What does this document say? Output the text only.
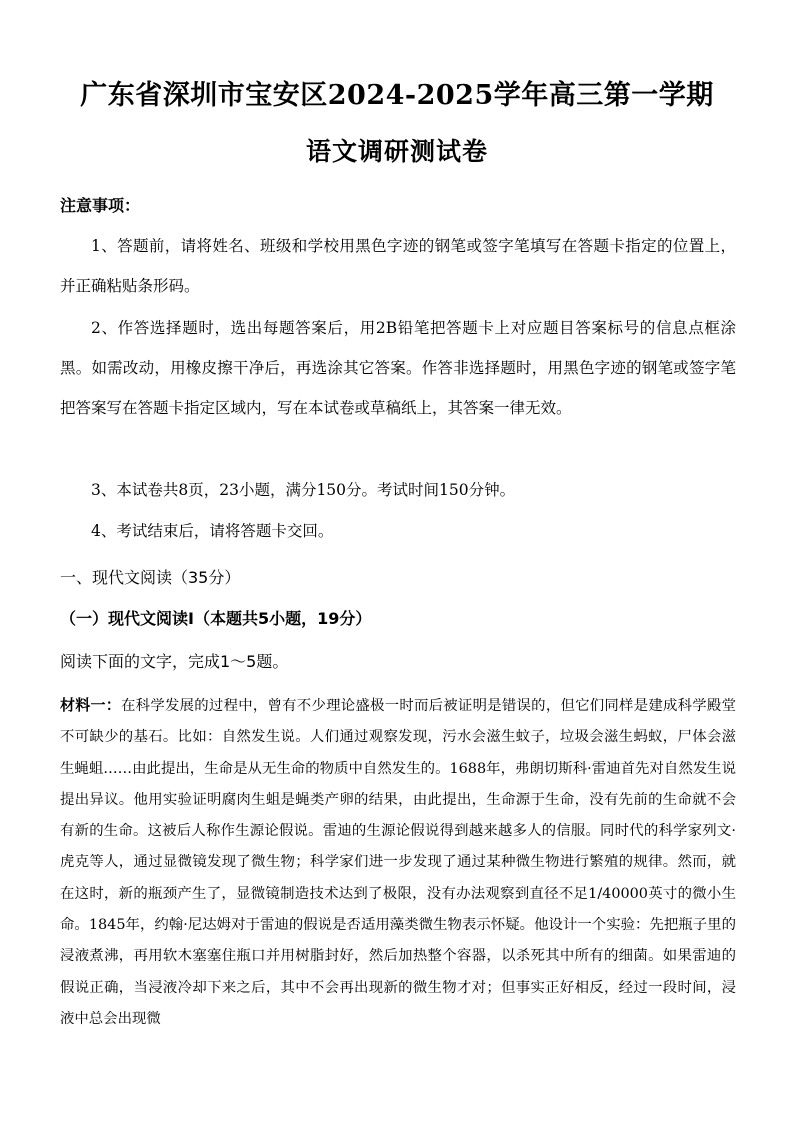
广东省深圳市宝安区2024-2025学年高三第一学期
语文调研测试卷
注意事项：

1、答题前，请将姓名、班级和学校用黑色字迹的钢笔或签字笔填写在答题卡指定的位置上，并正确粘贴条形码。

2、作答选择题时，选出每题答案后，用2B铅笔把答题卡上对应题目答案标号的信息点框涂黑。如需改动，用橡皮擦干净后，再选涂其它答案。作答非选择题时，用黑色字迹的钢笔或签字笔把答案写在答题卡指定区域内，写在本试卷或草稿纸上，其答案一律无效。

3、本试卷共8页，23小题，满分150分。考试时间150分钟。

4、考试结束后，请将答题卡交回。

一、现代文阅读（35分）
（一）现代文阅读Ⅰ（本题共5小题，19分）
阅读下面的文字，完成1～5题。

材料一：在科学发展的过程中，曾有不少理论盛极一时而后被证明是错误的，但它们同样是建成科学殿堂不可缺少的基石。比如：自然发生说。人们通过观察发现，污水会滋生蚊子，垃圾会滋生蚂蚁，尸体会滋生蝇蛆……由此提出，生命是从无生命的物质中自然发生的。1688年，弗朗切斯科·雷迪首先对自然发生说提出异议。他用实验证明腐肉生蛆是蝇类产卵的结果，由此提出，生命源于生命，没有先前的生命就不会有新的生命。这被后人称作生源论假说。雷迪的生源论假说得到越来越多人的信服。同时代的科学家列文·虎克等人，通过显微镜发现了微生物；科学家们进一步发现了通过某种微生物进行繁殖的规律。然而，就在这时，新的瓶颈产生了，显微镜制造技术达到了极限，没有办法观察到直径不足1/40000英寸的微小生命。1845年，约翰·尼达姆对于雷迪的假说是否适用藻类微生物表示怀疑。他设计一个实验：先把瓶子里的浸液煮沸，再用软木塞塞住瓶口并用树脂封好，然后加热整个容器，以杀死其中所有的细菌。如果雷迪的假说正确，当浸液冷却下来之后，其中不会再出现新的微生物才对；但事实正好相反，经过一段时间，浸液中总会出现微
